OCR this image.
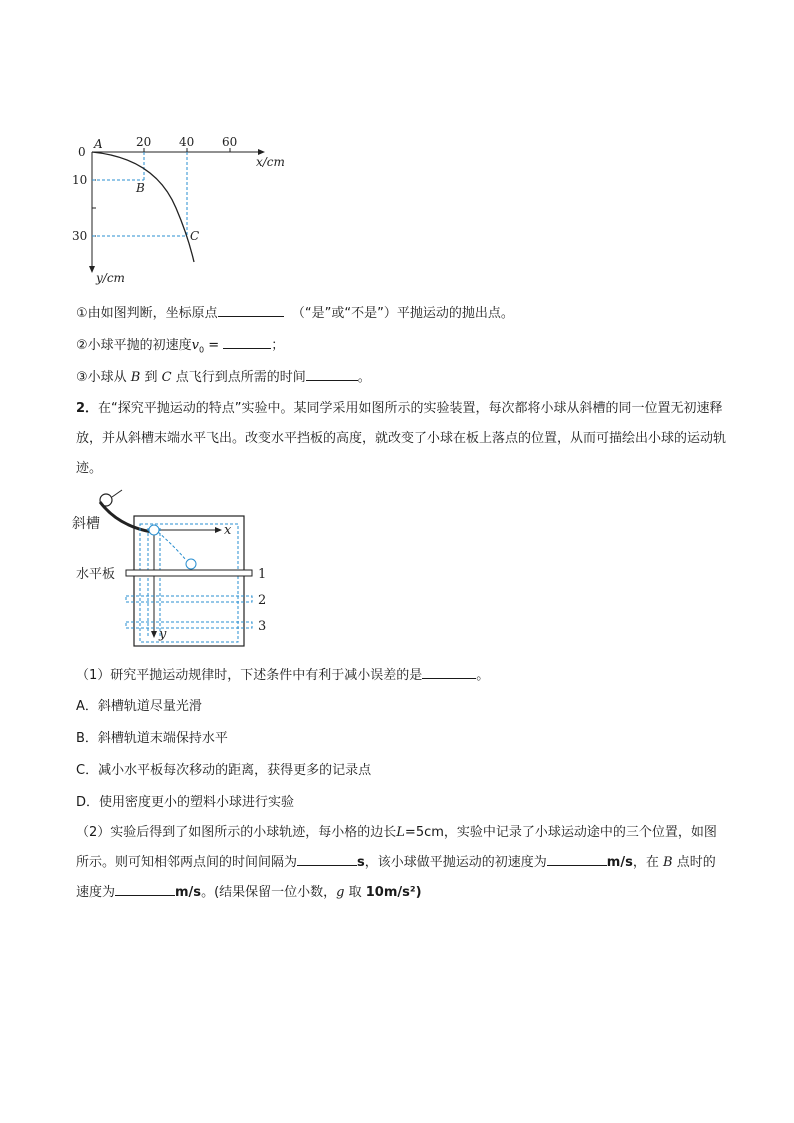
0
A	20 40 60
x/cm
10
30
B
C
y/cm
①由如图判断，坐标原点	（“是”或“不是”）平抛运动的抛出点。
②小球平抛的初速度$v_0$ =	；
③小球从 B 到 C 点飞行到点所需的时间	。
2．在“探究平抛运动的特点”实验中。某同学采用如图所示的实验装置，每次都将小球从斜槽的同一位置无初速释放，并从斜槽末端水平飞出。改变水平挡板的高度，就改变了小球在板上落点的位置，从而可描绘出小球的运动轨迹。
斜槽	x
y
水平板	1
2
3
（1）研究平抛运动规律时，下述条件中有利于减小误差的是	。
A．斜槽轨道尽量光滑
B．斜槽轨道末端保持水平
C．减小水平板每次移动的距离，获得更多的记录点
D．使用密度更小的塑料小球进行实验
（2）实验后得到了如图所示的小球轨迹，每小格的边长L=5cm，实验中记录了小球运动途中的三个位置，如图所示。则可知相邻两点间的时间间隔为	s，该小球做平抛运动的初速度为	m/s，在 B 点时的速度为	m/s。(结果保留一位小数，g 取 10m/s²)
